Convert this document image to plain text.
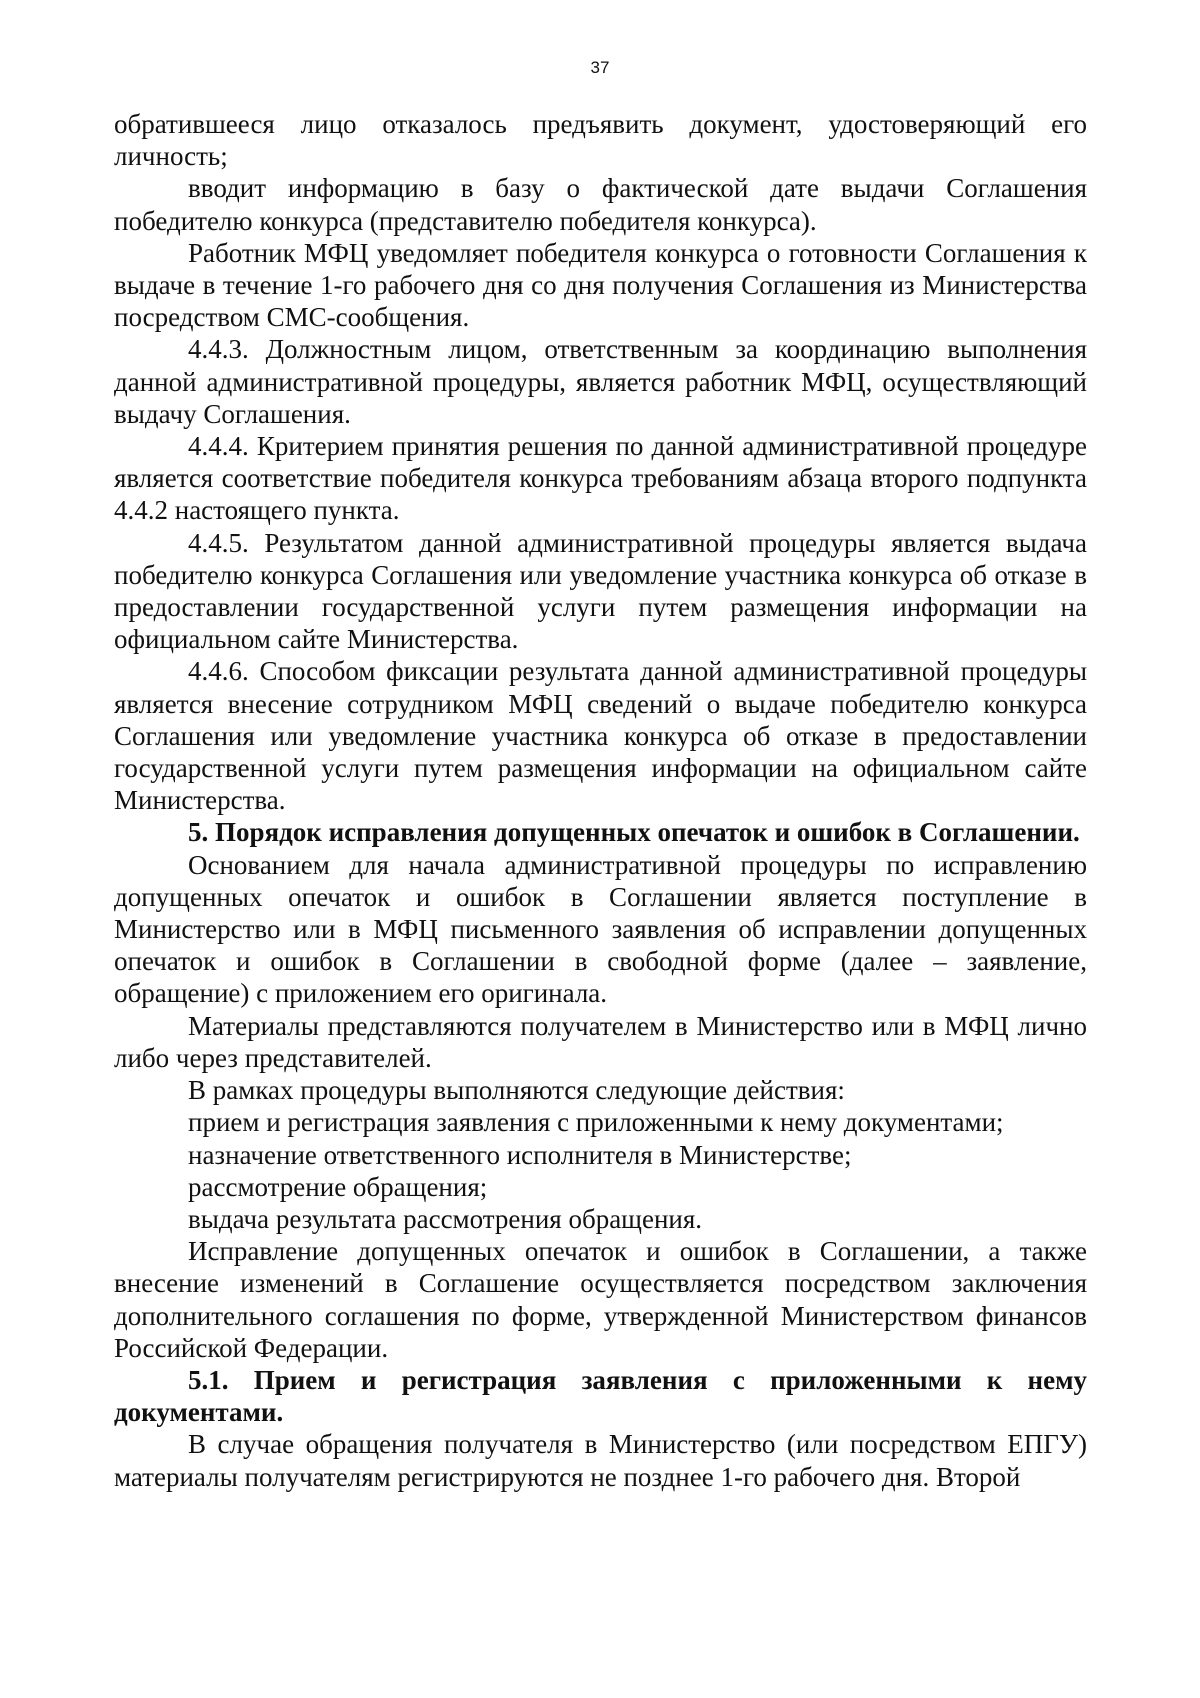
37

обратившееся лицо отказалось предъявить документ, удостоверяющий его личность;

вводит информацию в базу о фактической дате выдачи Соглашения победителю конкурса (представителю победителя конкурса).

Работник МФЦ уведомляет победителя конкурса о готовности Соглашения к выдаче в течение 1-го рабочего дня со дня получения Соглашения из Министерства посредством СМС-сообщения.

4.4.3. Должностным лицом, ответственным за координацию выполнения данной административной процедуры, является работник МФЦ, осуществляющий выдачу Соглашения.

4.4.4. Критерием принятия решения по данной административной процедуре является соответствие победителя конкурса требованиям абзаца второго подпункта 4.4.2 настоящего пункта.

4.4.5. Результатом данной административной процедуры является выдача победителю конкурса Соглашения или уведомление участника конкурса об отказе в предоставлении государственной услуги путем размещения информации на официальном сайте Министерства.

4.4.6. Способом фиксации результата данной административной процедуры является внесение сотрудником МФЦ сведений о выдаче победителю конкурса Соглашения или уведомление участника конкурса об отказе в предоставлении государственной услуги путем размещения информации на официальном сайте Министерства.

5. Порядок исправления допущенных опечаток и ошибок в Соглашении.

Основанием для начала административной процедуры по исправлению допущенных опечаток и ошибок в Соглашении является поступление в Министерство или в МФЦ письменного заявления об исправлении допущенных опечаток и ошибок в Соглашении в свободной форме (далее – заявление, обращение) с приложением его оригинала.

Материалы представляются получателем в Министерство или в МФЦ лично либо через представителей.

В рамках процедуры выполняются следующие действия:

прием и регистрация заявления с приложенными к нему документами;

назначение ответственного исполнителя в Министерстве;

рассмотрение обращения;

выдача результата рассмотрения обращения.

Исправление допущенных опечаток и ошибок в Соглашении, а также внесение изменений в Соглашение осуществляется посредством заключения дополнительного соглашения по форме, утвержденной Министерством финансов Российской Федерации.

5.1. Прием и регистрация заявления с приложенными к нему документами.

В случае обращения получателя в Министерство (или посредством ЕПГУ) материалы получателям регистрируются не позднее 1-го рабочего дня. Второй
